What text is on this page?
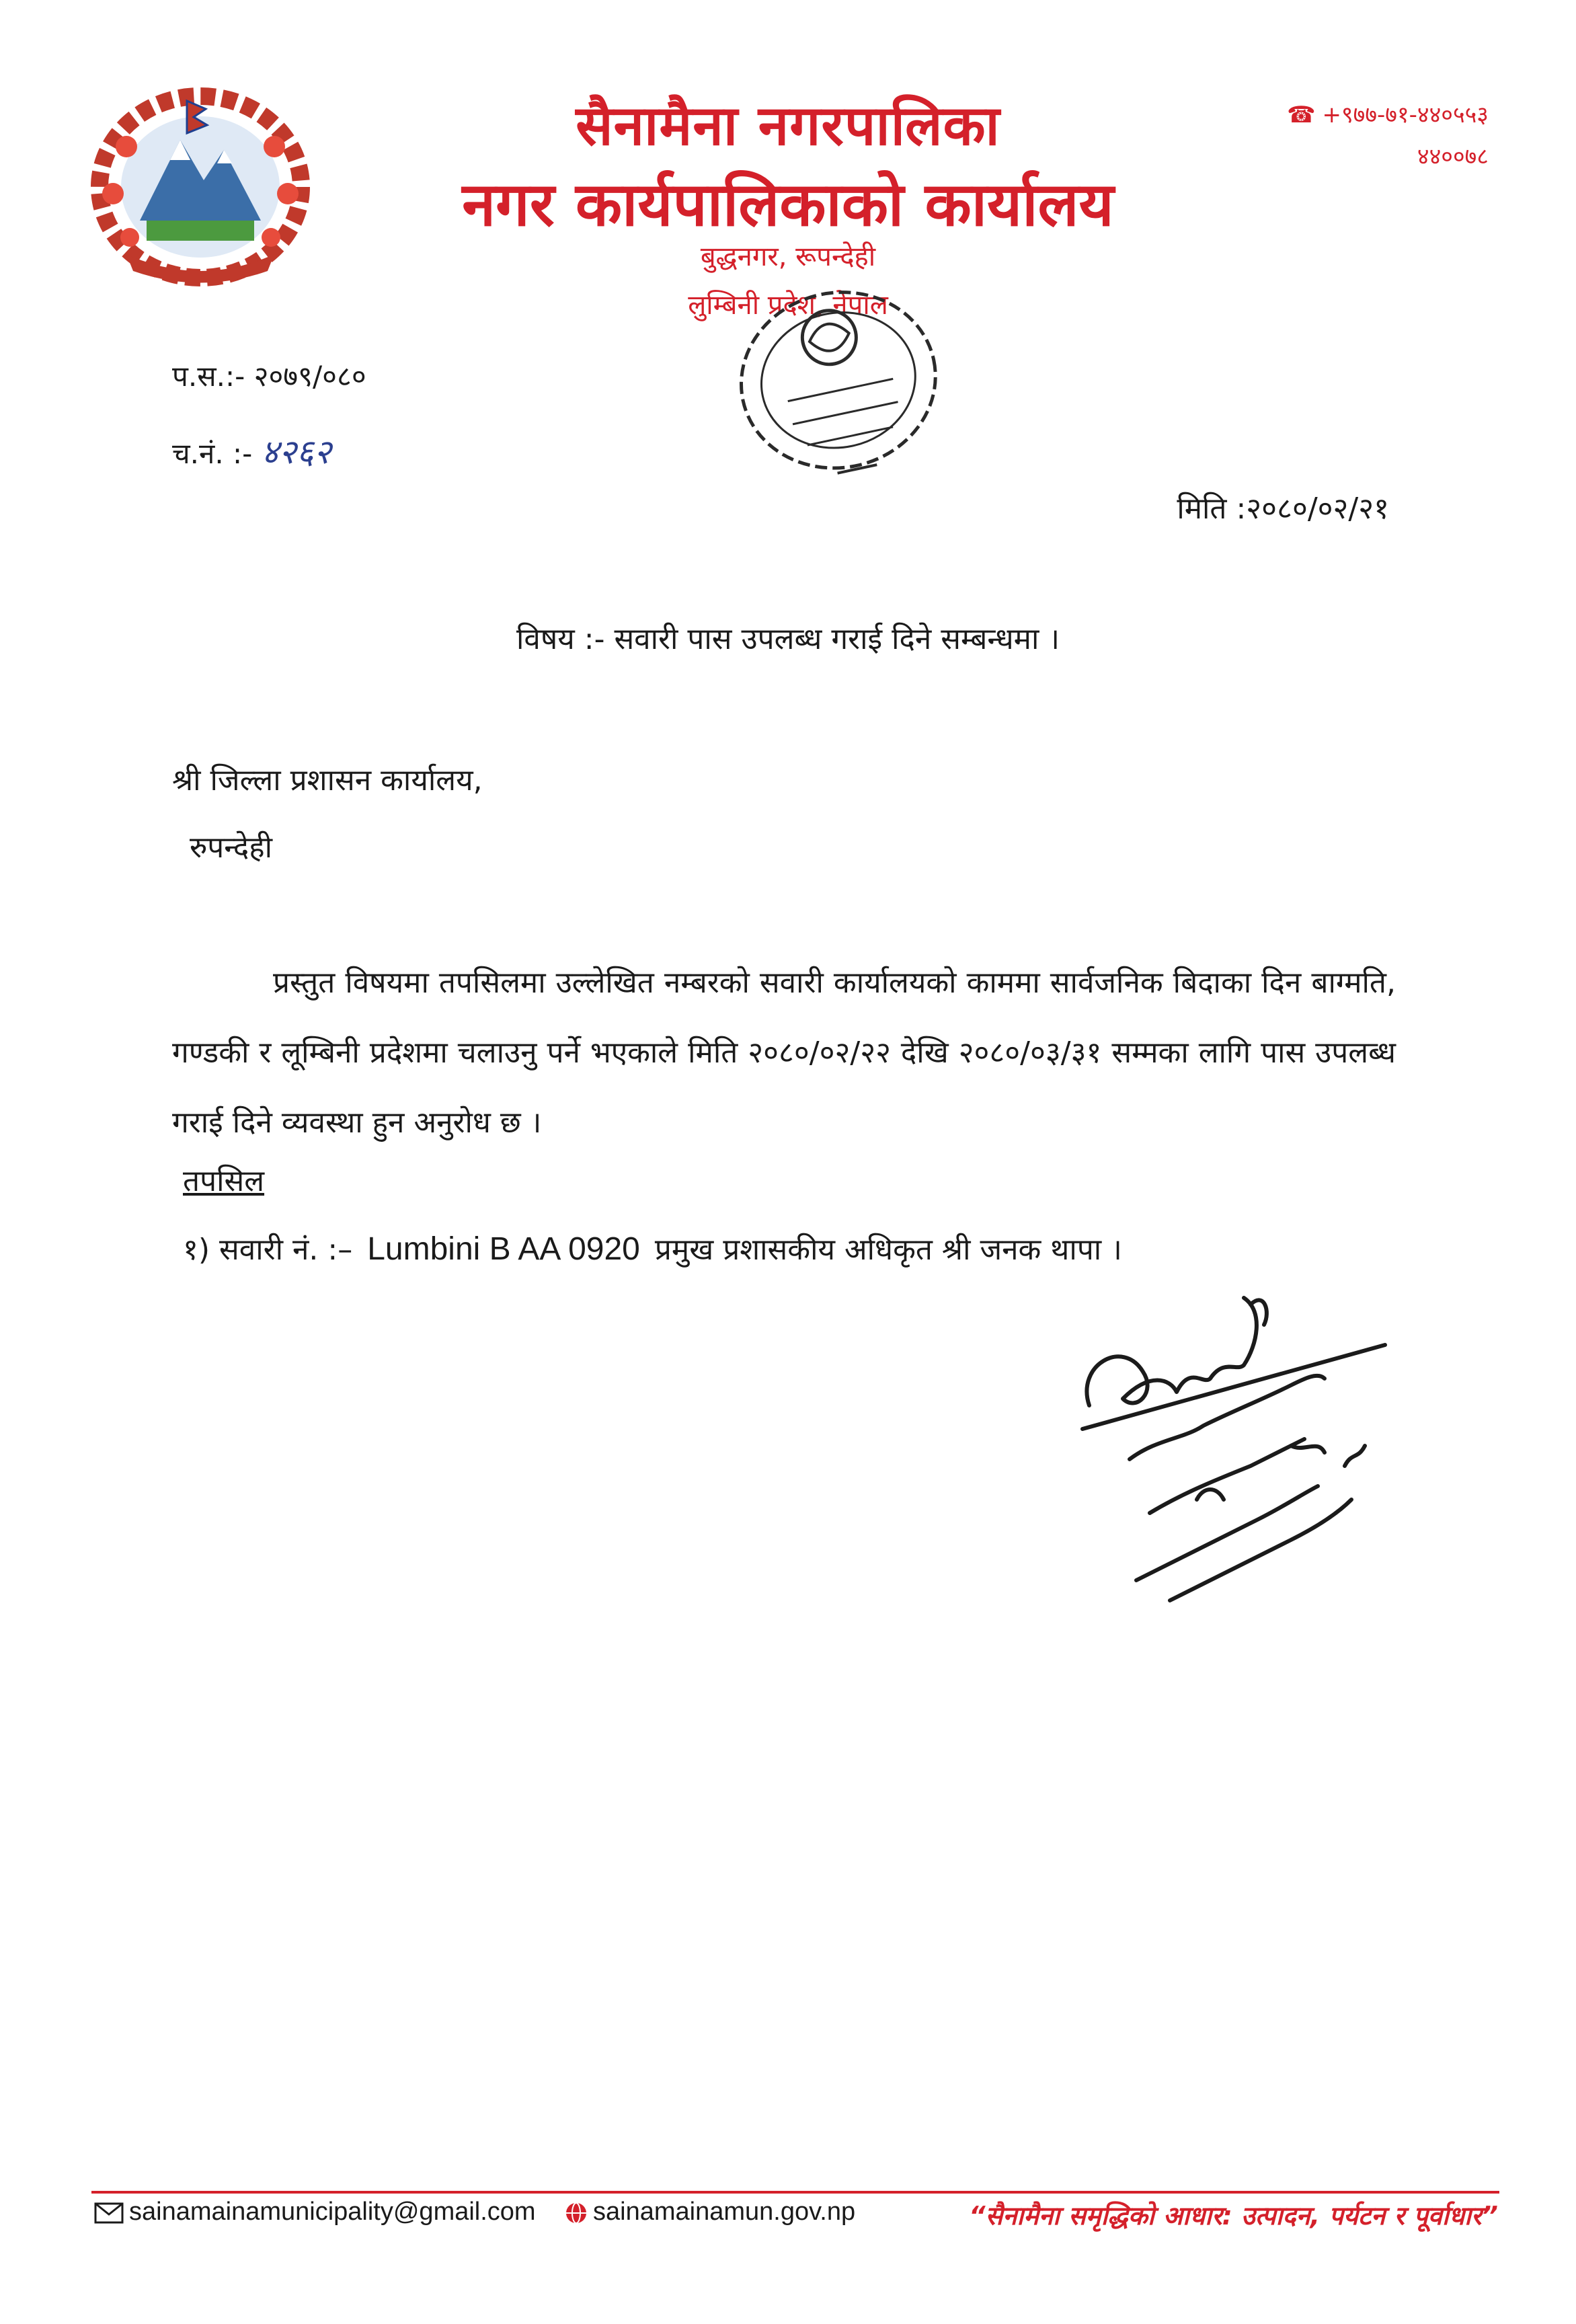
सैनामैना नगरपालिका
नगर कार्यपालिकाको कार्यालय
बुद्धनगर, रूपन्देही
लुम्बिनी प्रदेश, नेपाल
☎ +९७७-७१-४४०५५३
४४००७८
प.स.:- २०७९/०८०
च.नं. :- ४२६२
मिति :२०८०/०२/२१
विषय :- सवारी पास उपलब्ध गराई दिने सम्बन्धमा ।
श्री जिल्ला प्रशासन कार्यालय,
रुपन्देही
प्रस्तुत विषयमा तपसिलमा उल्लेखित नम्बरको सवारी कार्यालयको काममा सार्वजनिक बिदाका दिन बाग्मति, गण्डकी र लूम्बिनी प्रदेशमा चलाउनु पर्ने भएकाले मिति २०८०/०२/२२ देखि २०८०/०३/३१ सम्मका लागि पास उपलब्ध गराई दिने व्यवस्था हुन अनुरोध छ ।
तपसिल
१) सवारी नं. :– Lumbini B AA 0920 प्रमुख प्रशासकीय अधिकृत श्री जनक थापा ।
sainamainamunicipality@gmail.com	sainamainamun.gov.np	“सैनामैना समृद्धिको आधार: उत्पादन, पर्यटन र पूर्वाधार”
